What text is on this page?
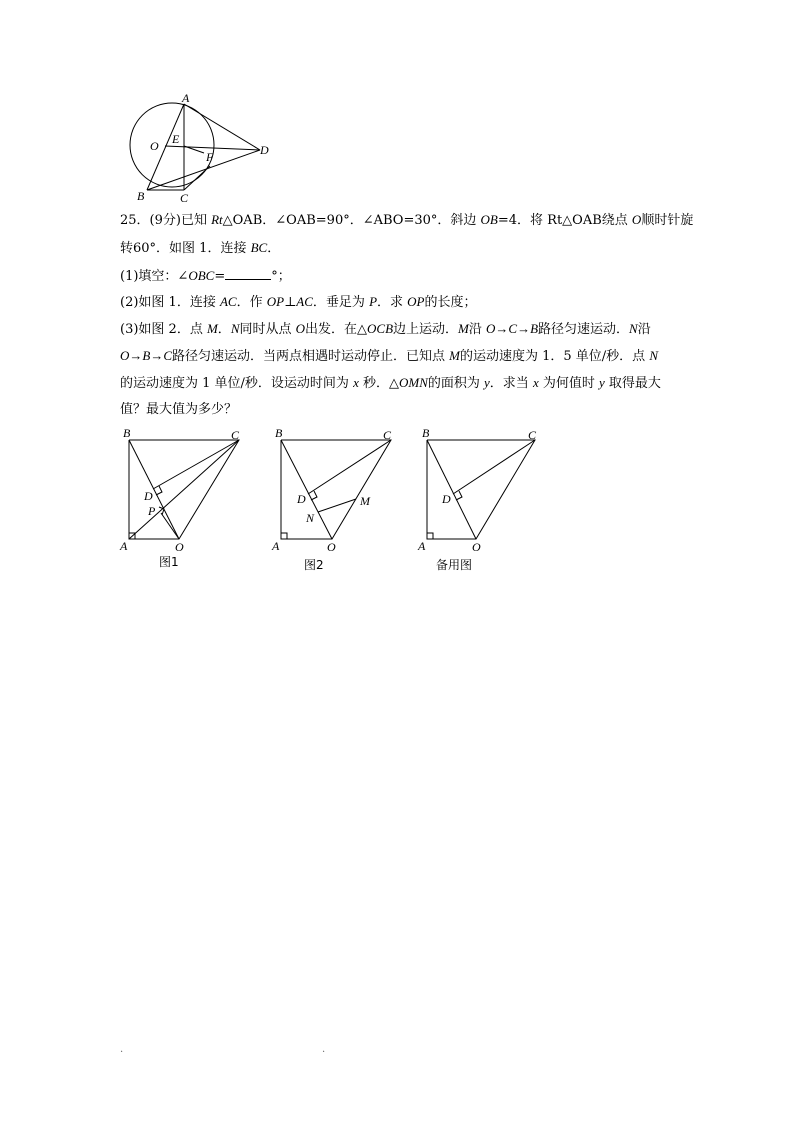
A
O E
F	D
B	C
25．(9分)已知 Rt△OAB．∠OAB=90°．∠ABO=30°．斜边 OB=4．将 Rt△OAB绕点 O顺时针旋
转60°．如图 1．连接 BC．
(1)填空：∠OBC=	°；
(2)如图 1．连接 AC．作 OP⊥AC．垂足为 P．求 OP的长度；
(3)如图 2．点 M．N同时从点 O出发．在△OCB边上运动．M沿 O→C→B路径匀速运动．N沿
O→B→C路径匀速运动．当两点相遇时运动停止．已知点 M的运动速度为 1．5 单位/秒．点 N
的运动速度为 1 单位/秒．设运动时间为 x 秒．△OMN的面积为 y．求当 x 为何值时 y 取得最大
值？最大值为多少？
B	C
D
P
A	O
图1
B	C
D	M
N
A	O
图2
B	C
D
A	O
备用图
.	.
